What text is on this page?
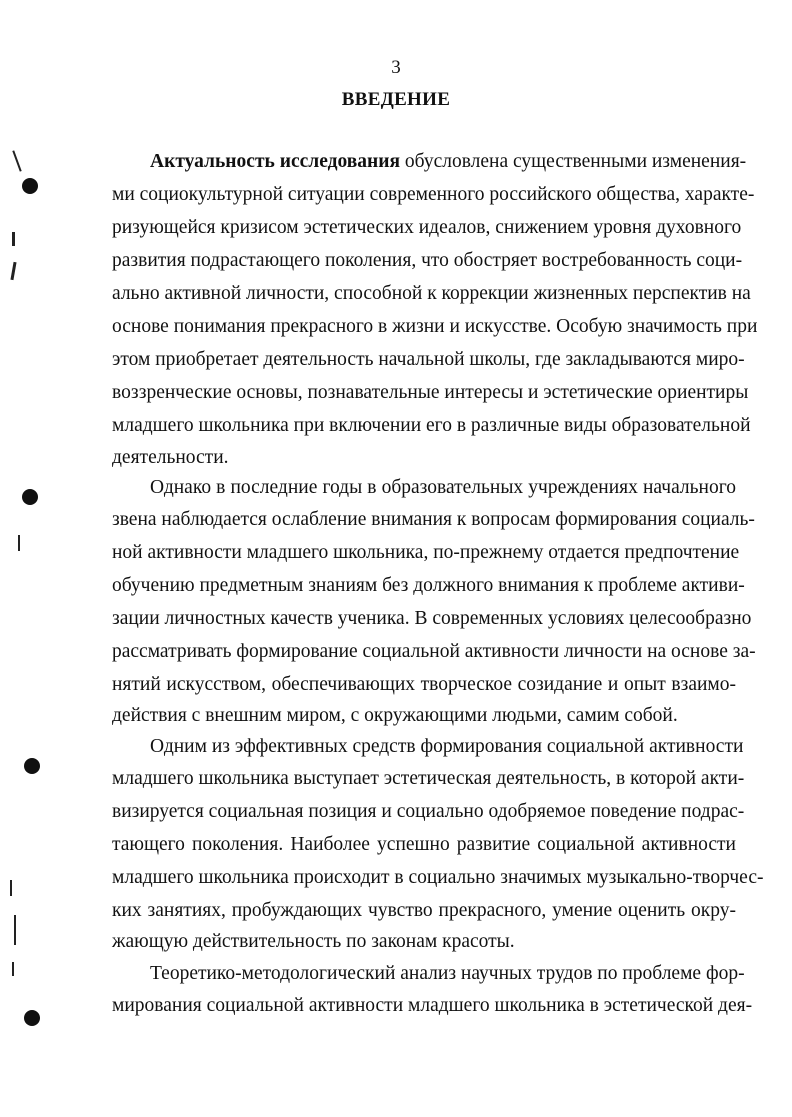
3
ВВЕДЕНИЕ

Актуальность исследования обусловлена существенными изменения-

ми социокультурной ситуации современного российского общества, характе-

ризующейся кризисом эстетических идеалов, снижением уровня духовного

развития подрастающего поколения, что обостряет востребованность соци-

ально активной личности, способной к коррекции жизненных перспектив на

основе понимания прекрасного в жизни и искусстве. Особую значимость при

этом приобретает деятельность начальной школы, где закладываются миро-

воззренческие основы, познавательные интересы и эстетические ориентиры

младшего школьника при включении его в различные виды образовательной

деятельности.

Однако в последние годы в образовательных учреждениях начального

звена наблюдается ослабление внимания к вопросам формирования социаль-

ной активности младшего школьника, по-прежнему отдается предпочтение

обучению предметным знаниям без должного внимания к проблеме активи-

зации личностных качеств ученика. В современных условиях целесообразно

рассматривать формирование социальной активности личности на основе за-

нятий искусством, обеспечивающих творческое созидание и опыт взаимо-

действия с внешним миром, с окружающими людьми, самим собой.

Одним из эффективных средств формирования социальной активности

младшего школьника выступает эстетическая деятельность, в которой акти-

визируется социальная позиция и социально одобряемое поведение подрас-

тающего поколения. Наиболее успешно развитие социальной активности

младшего школьника происходит в социально значимых музыкально-творчес-

ких занятиях, пробуждающих чувство прекрасного, умение оценить окру-

жающую действительность по законам красоты.

Теоретико-методологический анализ научных трудов по проблеме фор-

мирования социальной активности младшего школьника в эстетической дея-
